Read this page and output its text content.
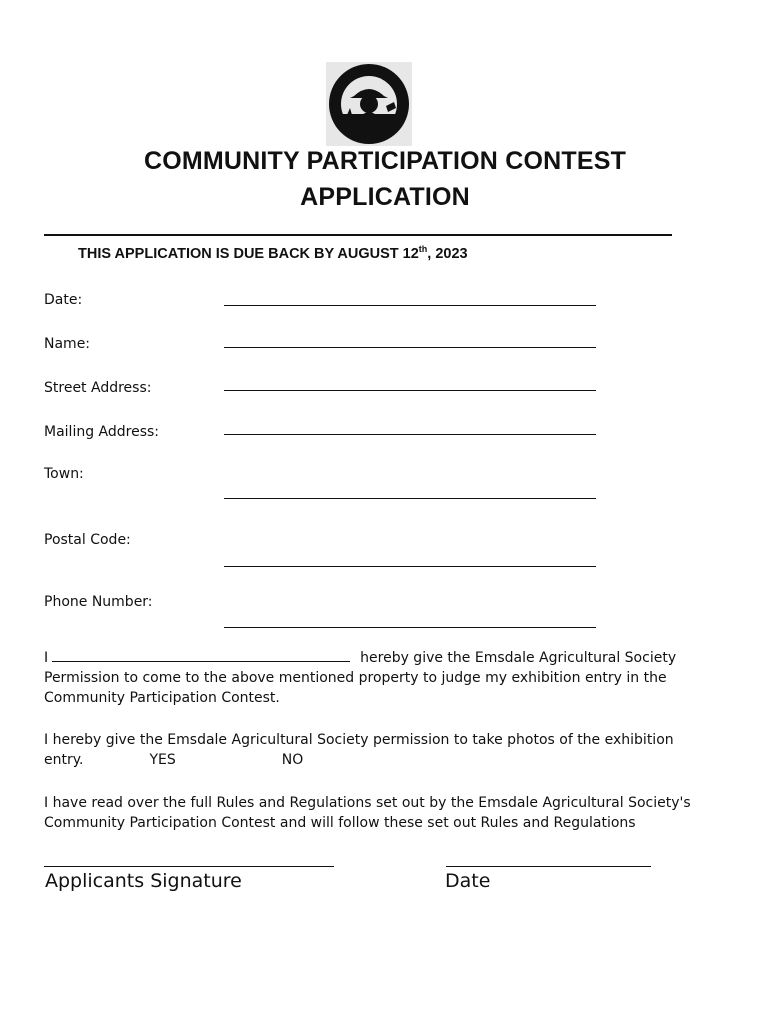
COMMUNITY PARTICIPATION CONTEST
APPLICATION
THIS APPLICATION IS DUE BACK BY AUGUST 12th, 2023
Date:
Name:
Street Address:
Mailing Address:
Town:
Postal Code:
Phone Number:
I	hereby give the Emsdale Agricultural Society Permission to come to the above mentioned property to judge my exhibition entry in the Community Participation Contest.
I hereby give the Emsdale Agricultural Society permission to take photos of the exhibition entry.	YES	NO
I have read over the full Rules and Regulations set out by the Emsdale Agricultural Society's Community Participation Contest and will follow these set out Rules and Regulations
Applicants Signature	Date
